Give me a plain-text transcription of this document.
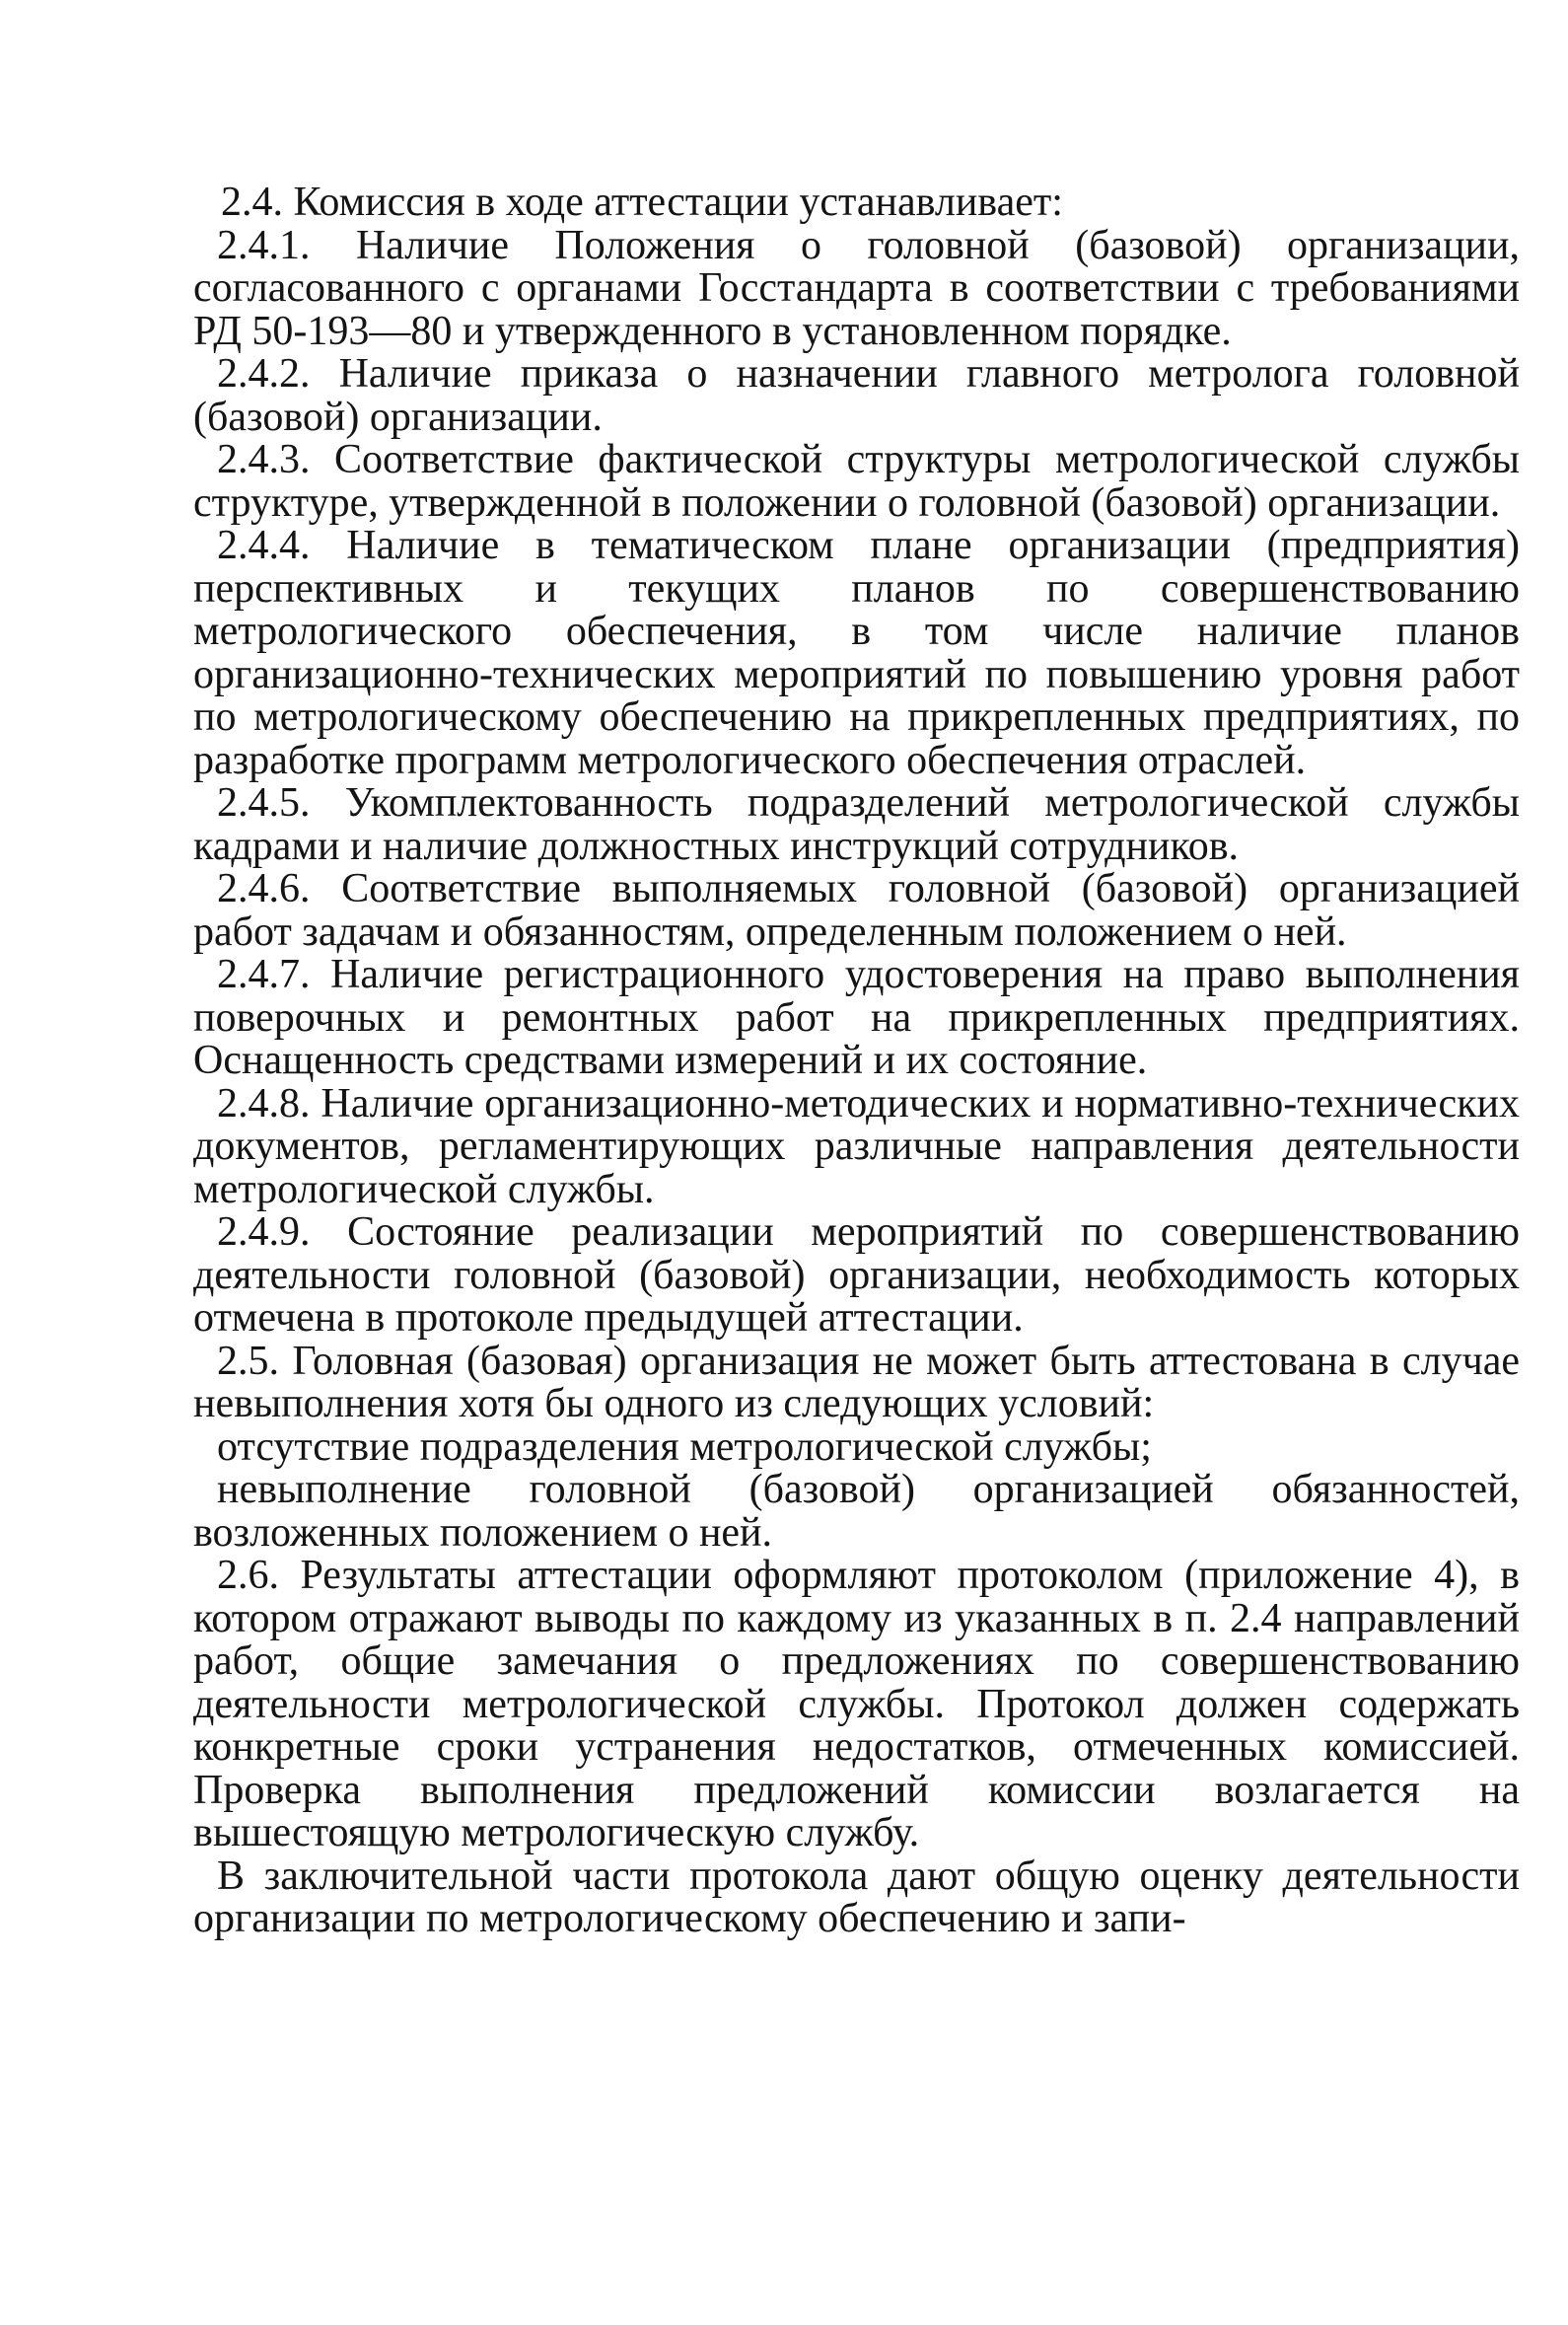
2.4. Комиссия в ходе аттестации устанавливает:

2.4.1. Наличие Положения о головной (базовой) организации, согласованного с органами Госстандарта в соответствии с требованиями РД 50-193—80 и утвержденного в установленном порядке.

2.4.2. Наличие приказа о назначении главного метролога головной (базовой) организации.

2.4.3. Соответствие фактической структуры метрологической службы структуре, утвержденной в положении о головной (базовой) организации.

2.4.4. Наличие в тематическом плане организации (предприятия) перспективных и текущих планов по совершенствованию метрологического обеспечения, в том числе наличие планов организационно-технических мероприятий по повышению уровня работ по метрологическому обеспечению на прикрепленных предприятиях, по разработке программ метрологического обеспечения отраслей.

2.4.5. Укомплектованность подразделений метрологической службы кадрами и наличие должностных инструкций сотрудников.

2.4.6. Соответствие выполняемых головной (базовой) организацией работ задачам и обязанностям, определенным положением о ней.

2.4.7. Наличие регистрационного удостоверения на право выполнения поверочных и ремонтных работ на прикрепленных предприятиях. Оснащенность средствами измерений и их состояние.

2.4.8. Наличие организационно-методических и нормативно-технических документов, регламентирующих различные направления деятельности метрологической службы.

2.4.9. Состояние реализации мероприятий по совершенствованию деятельности головной (базовой) организации, необходимость которых отмечена в протоколе предыдущей аттестации.

2.5. Головная (базовая) организация не может быть аттестована в случае невыполнения хотя бы одного из следующих условий:

отсутствие подразделения метрологической службы;

невыполнение головной (базовой) организацией обязанностей, возложенных положением о ней.

2.6. Результаты аттестации оформляют протоколом (приложение 4), в котором отражают выводы по каждому из указанных в п. 2.4 направлений работ, общие замечания о предложениях по совершенствованию деятельности метрологической службы. Протокол должен содержать конкретные сроки устранения недостатков, отмеченных комиссией. Проверка выполнения предложений комиссии возлагается на вышестоящую метрологическую службу.

В заключительной части протокола дают общую оценку деятельности организации по метрологическому обеспечению и запи-
